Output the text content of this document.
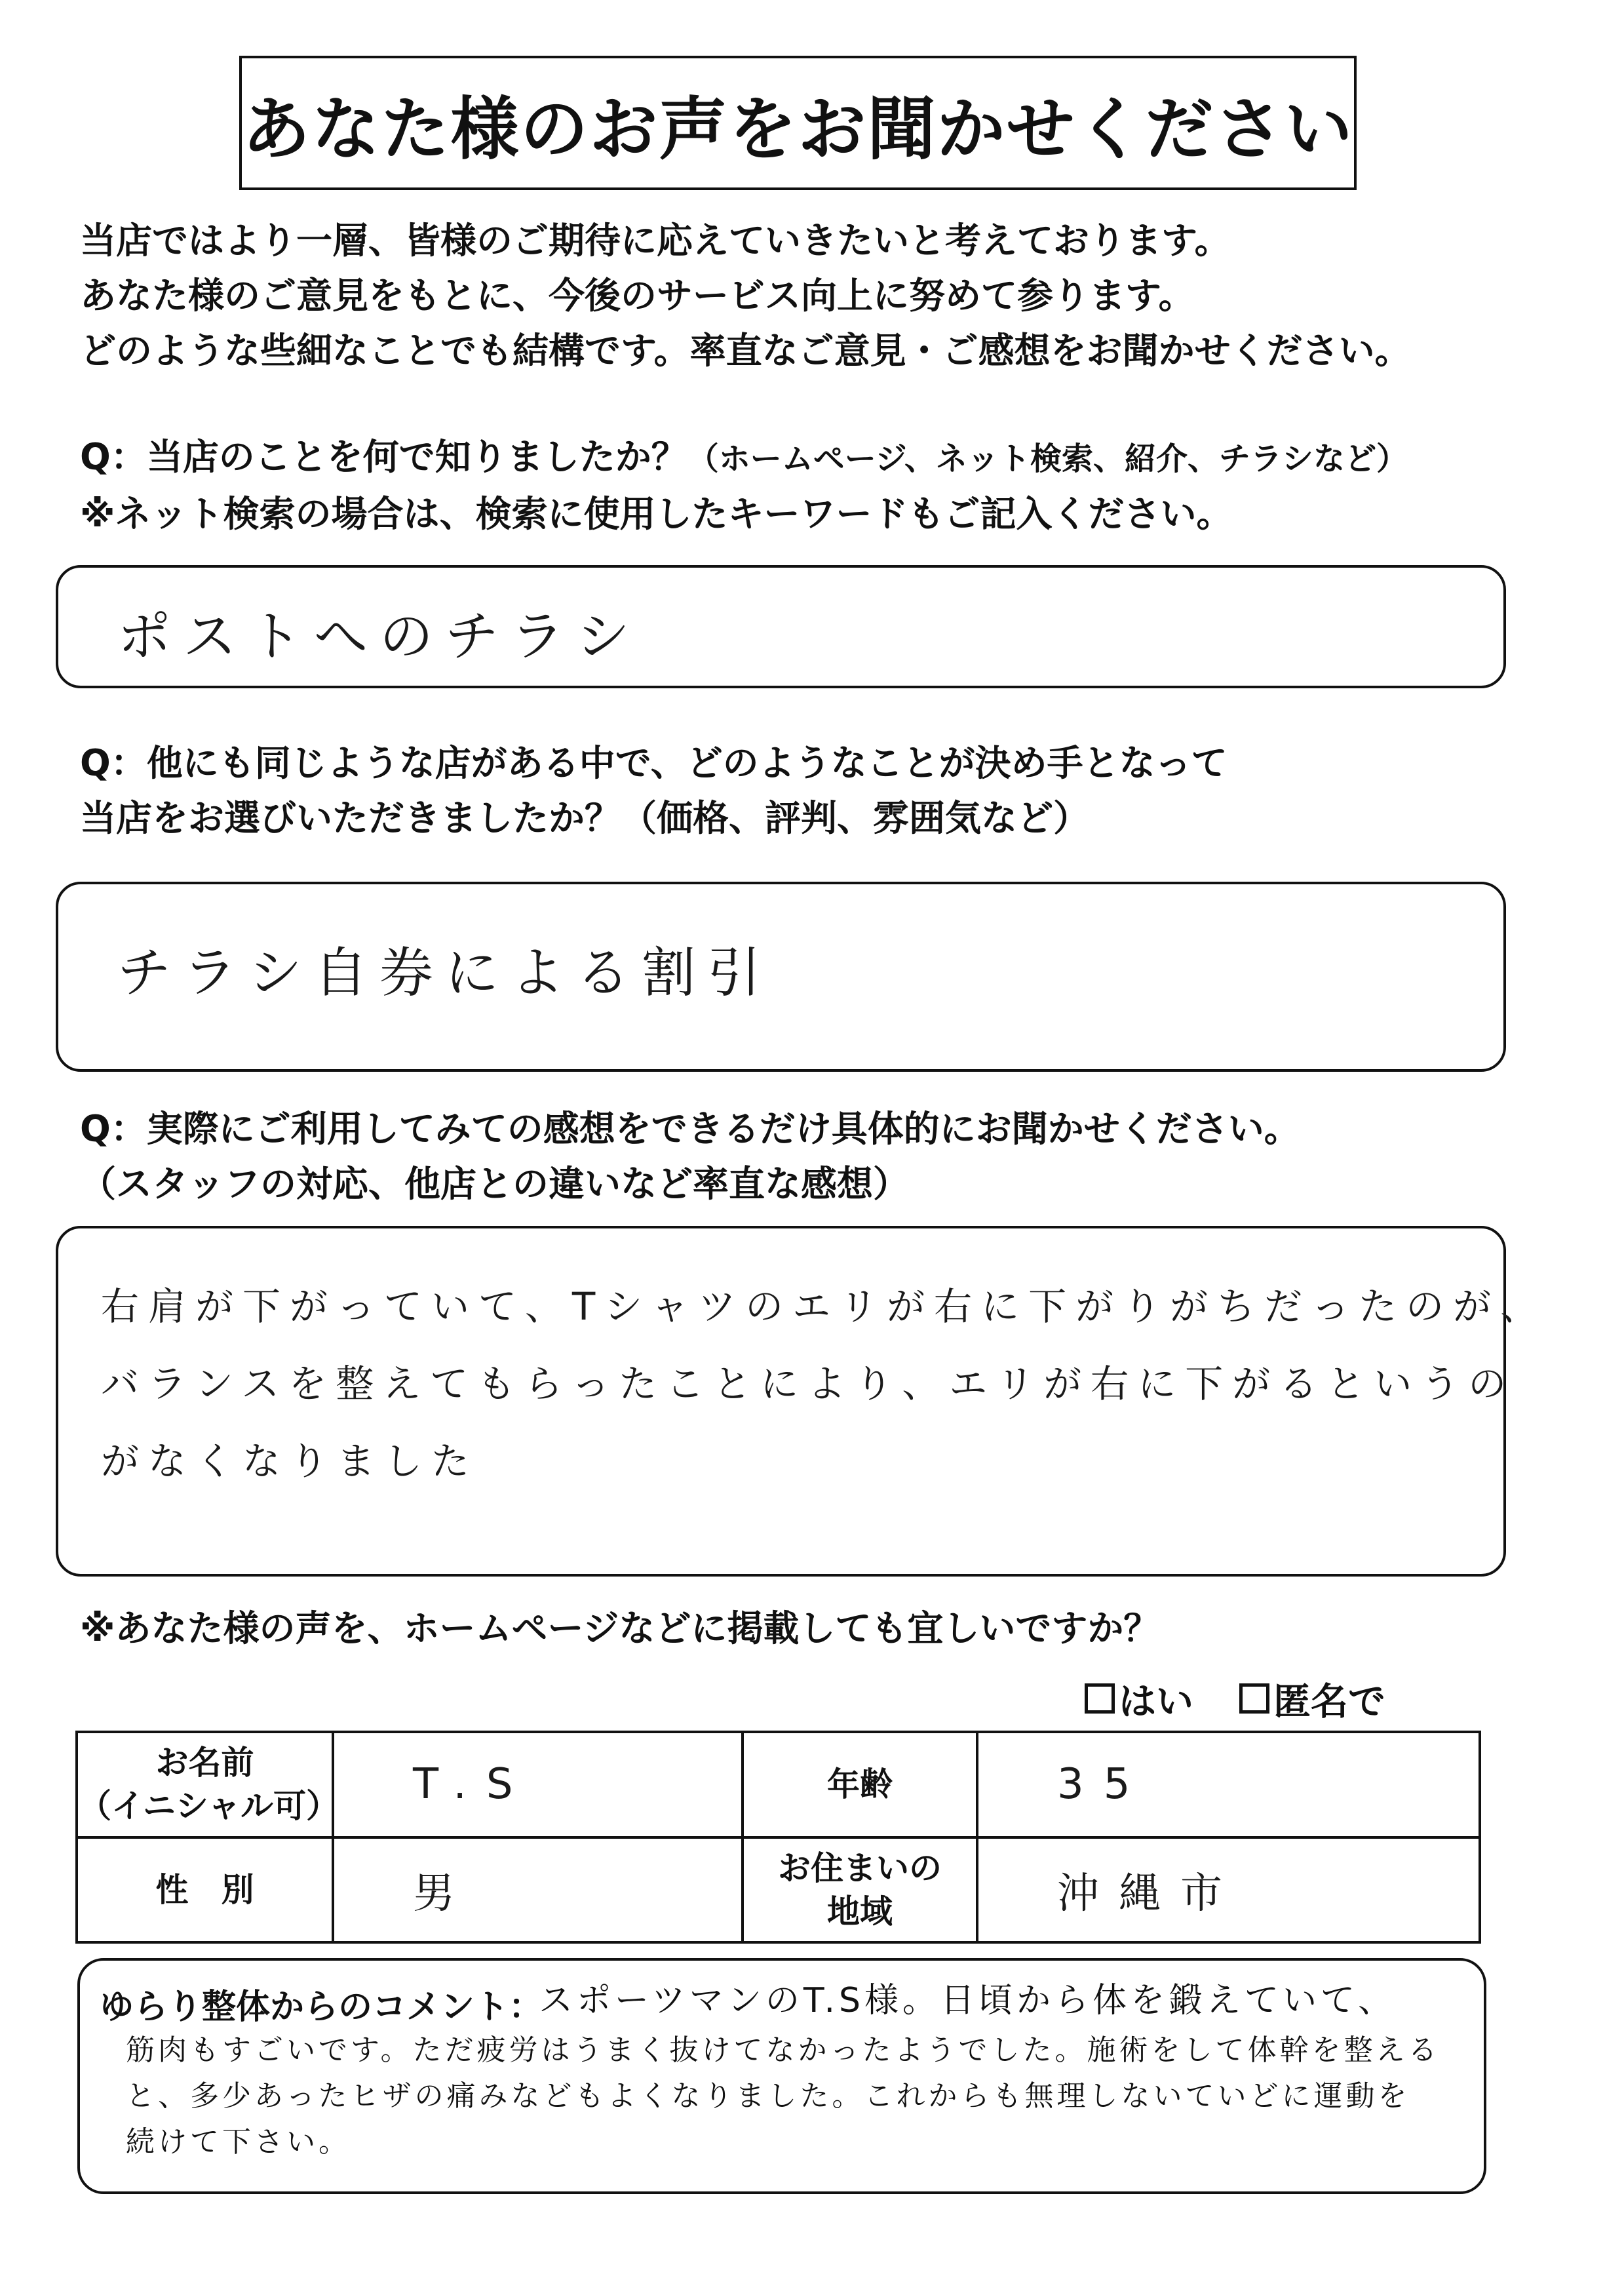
あなた様のお声をお聞かせください

当店ではより一層、皆様のご期待に応えていきたいと考えております。

あなた様のご意見をもとに、今後のサービス向上に努めて参ります。

どのような些細なことでも結構です。率直なご意見・ご感想をお聞かせください。

Q：当店のことを何で知りましたか？（ホームページ、ネット検索、紹介、チラシなど）
※ネット検索の場合は、検索に使用したキーワードもご記入ください。
ポストへのチラシ
Q：他にも同じような店がある中で、どのようなことが決め手となって
当店をお選びいただきましたか？（価格、評判、雰囲気など）
チラシ自券による割引
Q：実際にご利用してみての感想をできるだけ具体的にお聞かせください。
（スタッフの対応、他店との違いなど率直な感想）
右肩が下がっていて、Tシャツのエリが右に下がりがちだったのが、
バランスを整えてもらったことにより、エリが右に下がるというの
がなくなりました
※あなた様の声を、ホームページなどに掲載しても宜しいですか？
はい 匿名で
お名前
（イニシャル可）	T.S	年齢	35
性　別	男	お住まいの
地域	沖縄市
ゆらり整体からのコメント：
スポーツマンのT.S様。日頃から体を鍛えていて、
筋肉もすごいです。ただ疲労はうまく抜けてなかったようでした。施術をして体幹を整える
と、多少あったヒザの痛みなどもよくなりました。これからも無理しないていどに運動を
続けて下さい。
